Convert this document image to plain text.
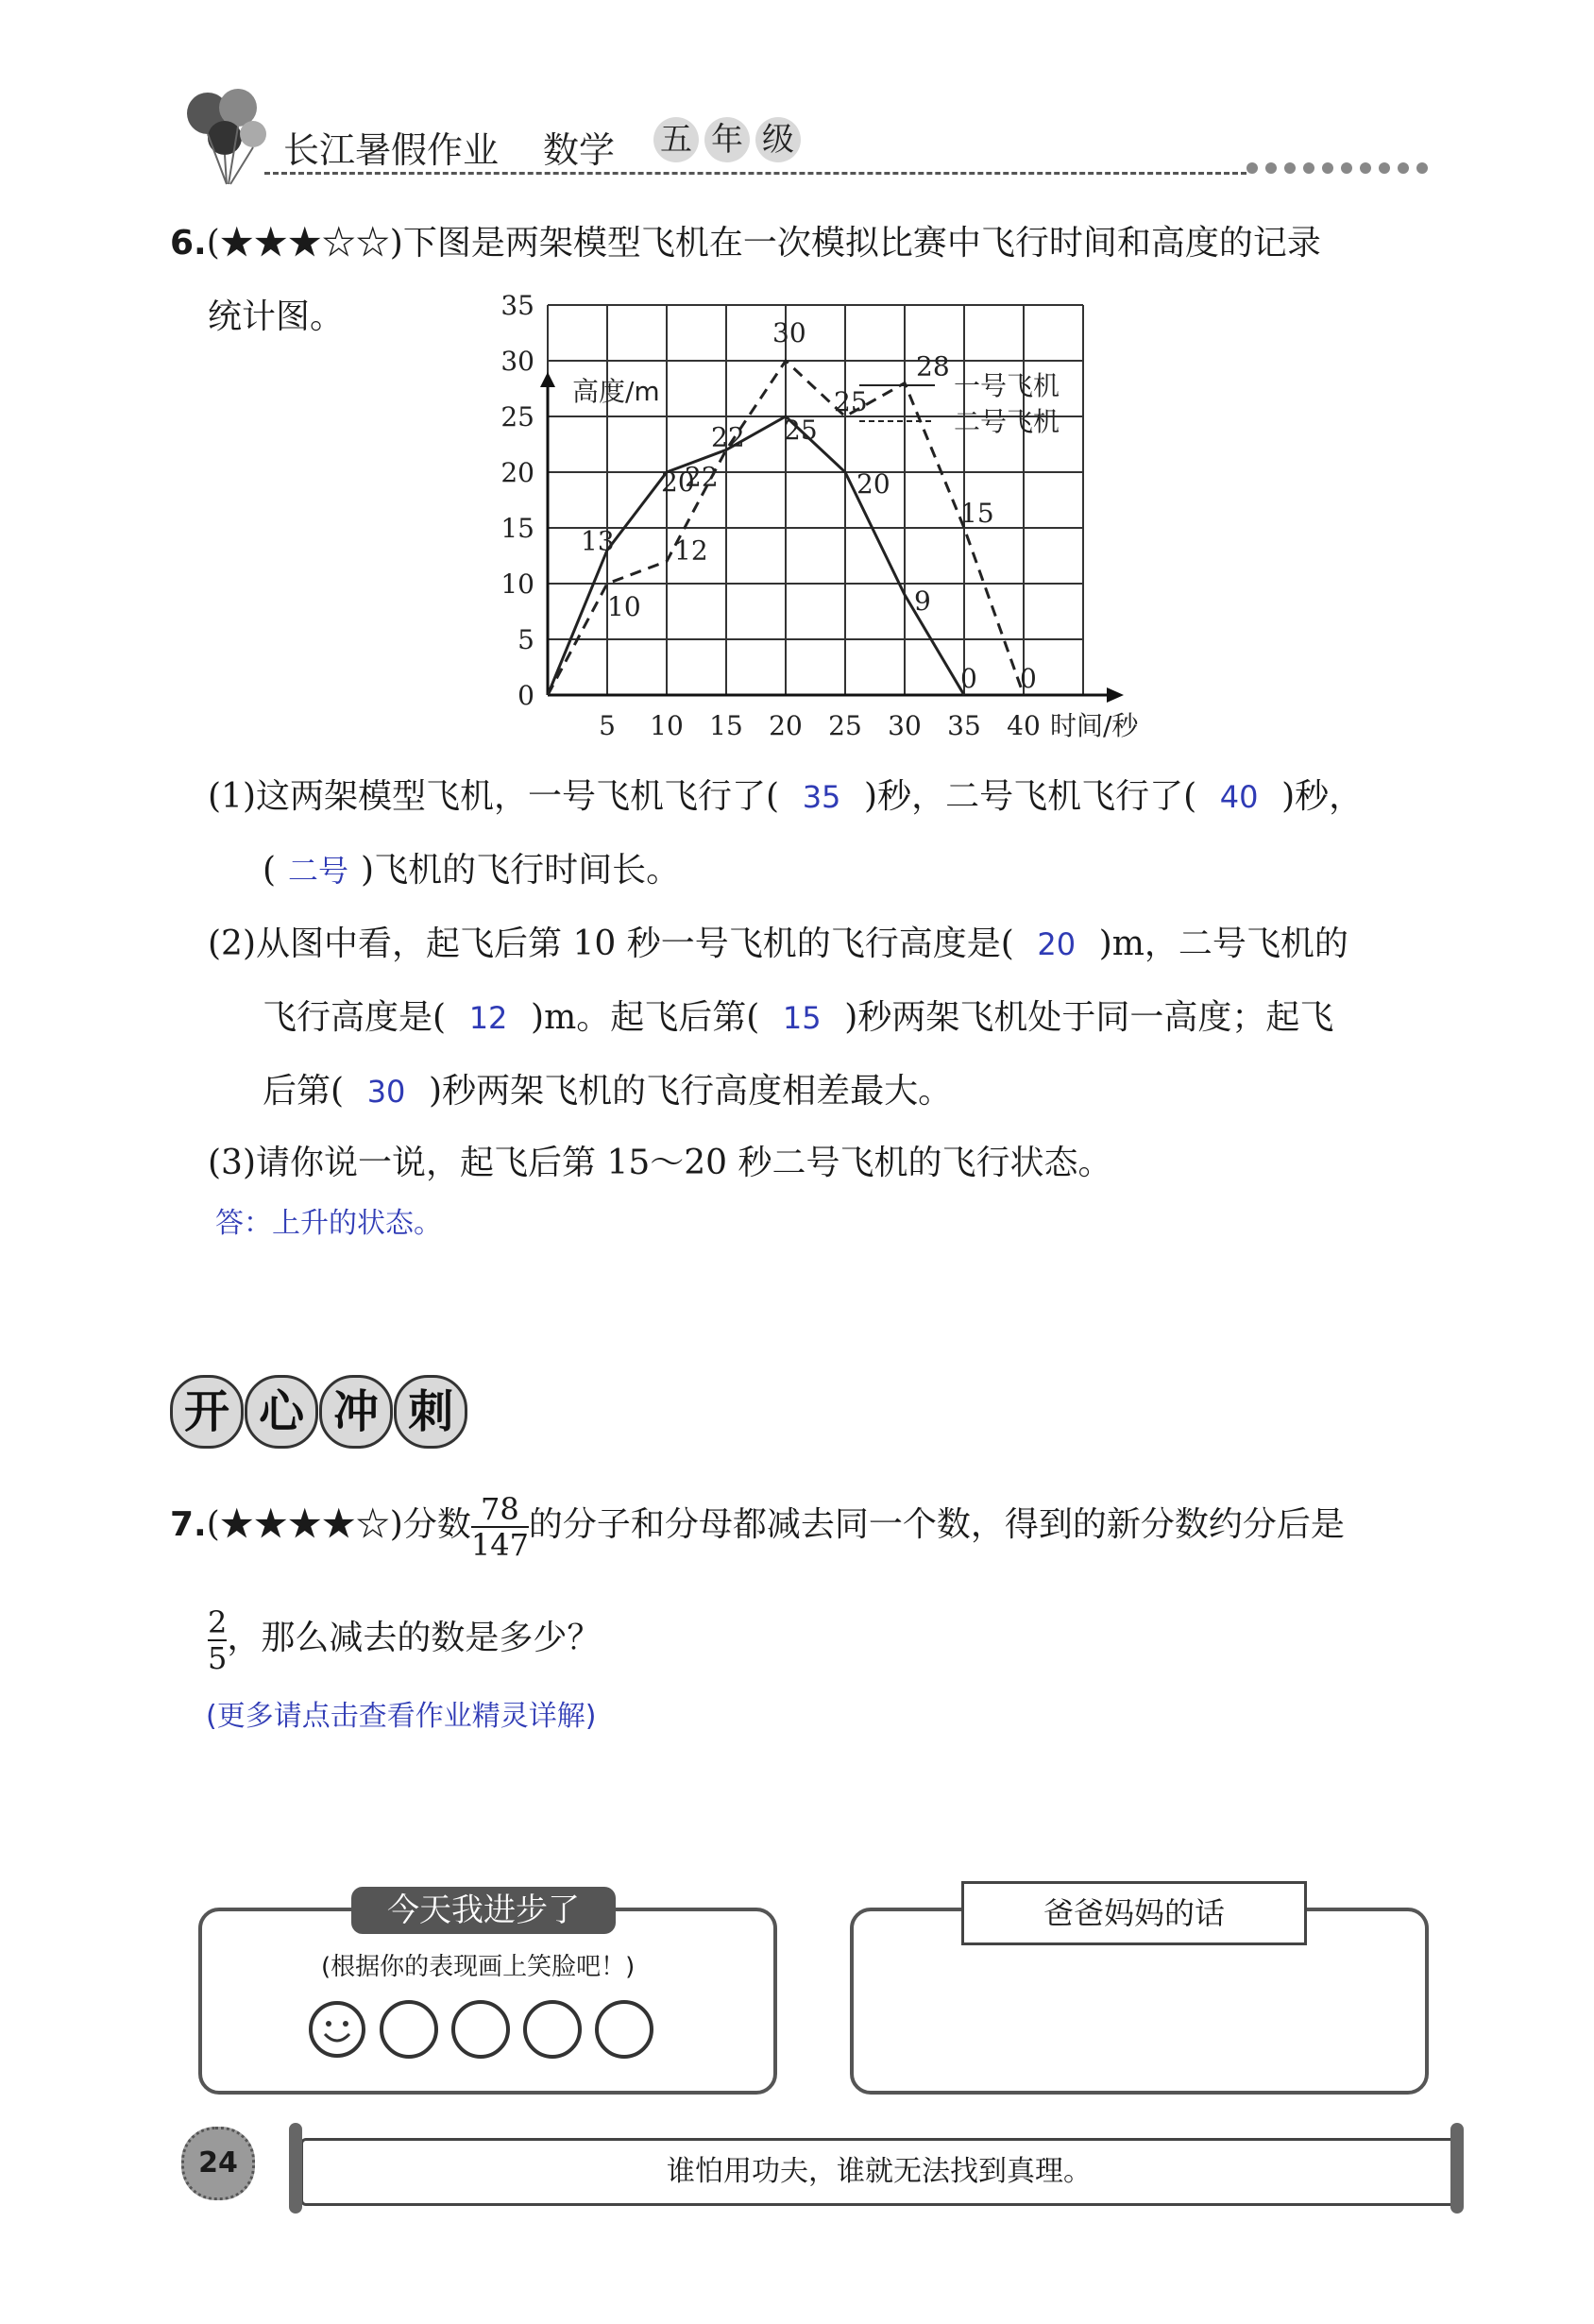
长江暑假作业 数学 五 年 级
6.(★★★☆☆)下图是两架模型飞机在一次模拟比赛中飞行时间和高度的记录
统计图。
0
5
10
15
20
25
30
35
5 10 15 20 25 30 35 40
13
20
22 25
20
9
0
10
12
22
30
25
28
15
0
高度/m
时间/秒
一号飞机
二号飞机
(1)这两架模型飞机，一号飞机飞行了( 35 )秒，二号飞机飞行了( 40 )秒，
( 二号 )飞机的飞行时间长。
(2)从图中看，起飞后第 10 秒一号飞机的飞行高度是( 20 )m，二号飞机的
飞行高度是( 12 )m。起飞后第( 15 )秒两架飞机处于同一高度；起飞
后第( 30 )秒两架飞机的飞行高度相差最大。
(3)请你说一说，起飞后第 15～20 秒二号飞机的飞行状态。
答：上升的状态。
开 心 冲 刺
7.(★★★★☆)分数 $\frac{78}{147}$ 的分子和分母都减去同一个数，得到的新分数约分后是
$\frac{2}{5}$ ，那么减去的数是多少？
(更多请点击查看作业精灵详解)
今天我进步了
(根据你的表现画上笑脸吧！)
爸爸妈妈的话
24	谁怕用功夫，谁就无法找到真理。
